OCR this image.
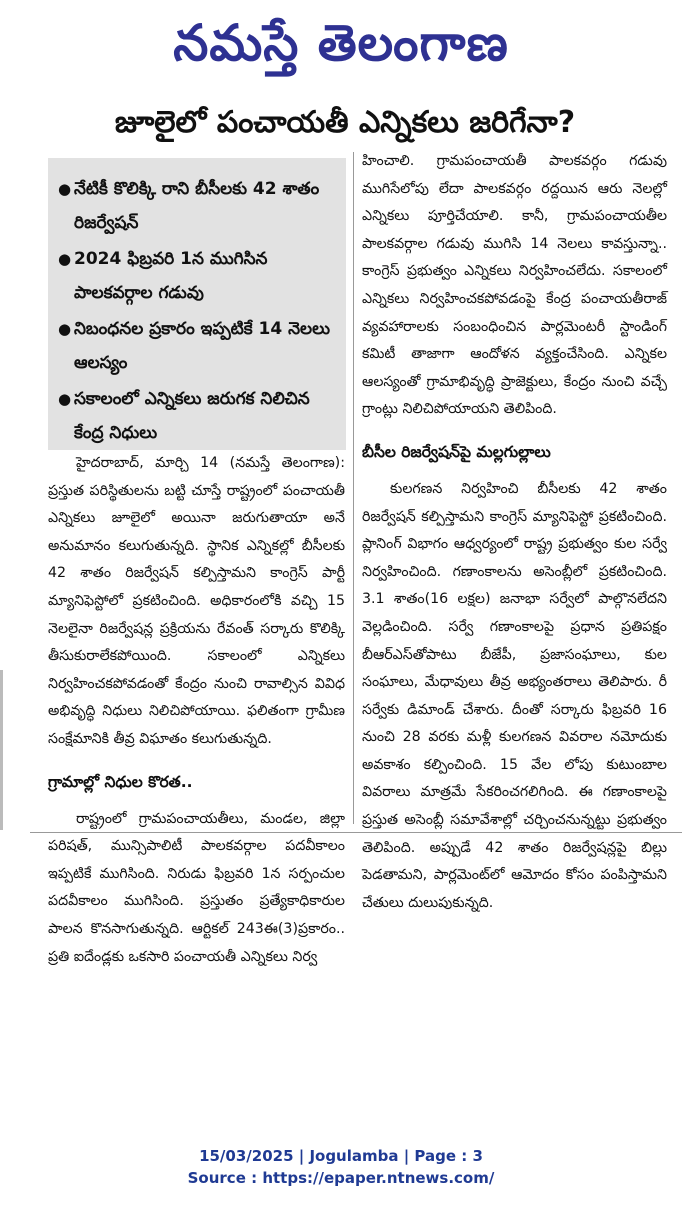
నమస్తే తెలంగాణ
జూలైలో పంచాయతీ ఎన్నికలు జరిగేనా?
● నేటికీ కొలిక్కి రాని బీసీలకు 42 శాతం రిజర్వేషన్
● 2024 ఫిబ్రవరి 1న ముగిసిన పాలకవర్గాల గడువు
● నిబంధనల ప్రకారం ఇప్పటికే 14 నెలలు ఆలస్యం
● సకాలంలో ఎన్నికలు జరుగక నిలిచిన కేంద్ర నిధులు

హైదరాబాద్, మార్చి 14 (నమస్తే తెలంగాణ): ప్రస్తుత పరిస్థితులను బట్టి చూస్తే రాష్ట్రంలో పంచాయతీ ఎన్నికలు జూలైలో అయినా జరుగుతాయా అనే అనుమానం కలుగుతున్నది. స్థానిక ఎన్నికల్లో బీసీలకు 42 శాతం రిజర్వేషన్ కల్పిస్తామని కాంగ్రెస్ పార్టీ మ్యానిఫెస్టోలో ప్రకటించింది. అధికారంలోకి వచ్చి 15 నెలలైనా రిజర్వేషన్ల ప్రక్రియను రేవంత్ సర్కారు కొలిక్కి తీసుకురాలేకపోయింది. సకాలంలో ఎన్నికలు నిర్వహించకపోవడంతో కేంద్రం నుంచి రావాల్సిన వివిధ అభివృద్ధి నిధులు నిలిచిపోయాయి. ఫలితంగా గ్రామీణ సంక్షేమానికి తీవ్ర విఘాతం కలుగుతున్నది.

గ్రామాల్లో నిధుల కొరత..

రాష్ట్రంలో గ్రామపంచాయతీలు, మండల, జిల్లా పరిషత్, మున్సిపాలిటీ పాలకవర్గాల పదవీకాలం ఇప్పటికే ముగిసింది. నిరుడు ఫిబ్రవరి 1న సర్పంచుల పదవీకాలం ముగిసింది. ప్రస్తుతం ప్రత్యేకాధికారుల పాలన కొనసాగుతున్నది. ఆర్టికల్ 243ఈ(3)ప్రకారం.. ప్రతి ఐదేండ్లకు ఒకసారి పంచాయతీ ఎన్నికలు నిర్వ

హించాలి. గ్రామపంచాయతీ పాలకవర్గం గడువు ముగిసేలోపు లేదా పాలకవర్గం రద్దయిన ఆరు నెలల్లో ఎన్నికలు పూర్తిచేయాలి. కానీ, గ్రామపంచాయతీల పాలకవర్గాల గడువు ముగిసి 14 నెలలు కావస్తున్నా.. కాంగ్రెస్ ప్రభుత్వం ఎన్నికలు నిర్వహించలేదు. సకాలంలో ఎన్నికలు నిర్వహించకపోవడంపై కేంద్ర పంచాయతీరాజ్ వ్యవహారాలకు సంబంధించిన పార్లమెంటరీ స్టాండింగ్ కమిటీ తాజాగా ఆందోళన వ్యక్తంచేసింది. ఎన్నికల ఆలస్యంతో గ్రామాభివృద్ధి ప్రాజెక్టులు, కేంద్రం నుంచి వచ్చే గ్రాంట్లు నిలిచిపోయాయని తెలిపింది.

బీసీల రిజర్వేషన్‌పై మల్లగుల్లాలు

కులగణన నిర్వహించి బీసీలకు 42 శాతం రిజర్వేషన్ కల్పిస్తామని కాంగ్రెస్ మ్యానిఫెస్టో ప్రకటించింది. ప్లానింగ్ విభాగం ఆధ్వర్యంలో రాష్ట్ర ప్రభుత్వం కుల సర్వే నిర్వహించింది. గణాంకాలను అసెంబ్లీలో ప్రకటించింది. 3.1 శాతం(16 లక్షల) జనాభా సర్వేలో పాల్గొనలేదని వెల్లడించింది. సర్వే గణాంకాలపై ప్రధాన ప్రతిపక్షం బీఆర్ఎస్‌తోపాటు బీజేపీ, ప్రజాసంఘాలు, కుల సంఘాలు, మేధావులు తీవ్ర అభ్యంతరాలు తెలిపారు. రీ సర్వేకు డిమాండ్ చేశారు. దీంతో సర్కారు ఫిబ్రవరి 16 నుంచి 28 వరకు మళ్లీ కులగణన వివరాల నమోదుకు అవకాశం కల్పించింది. 15 వేల లోపు కుటుంబాల వివరాలు మాత్రమే సేకరించగలిగింది. ఈ గణాంకాలపై ప్రస్తుత అసెంబ్లీ సమావేశాల్లో చర్చించనున్నట్టు ప్రభుత్వం తెలిపింది. అప్పుడే 42 శాతం రిజర్వేషన్లపై బిల్లు పెడతామని, పార్లమెంట్‌లో ఆమోదం కోసం పంపిస్తామని చేతులు దులుపుకున్నది.

15/03/2025 | Jogulamba | Page : 3
Source : https://epaper.ntnews.com/
